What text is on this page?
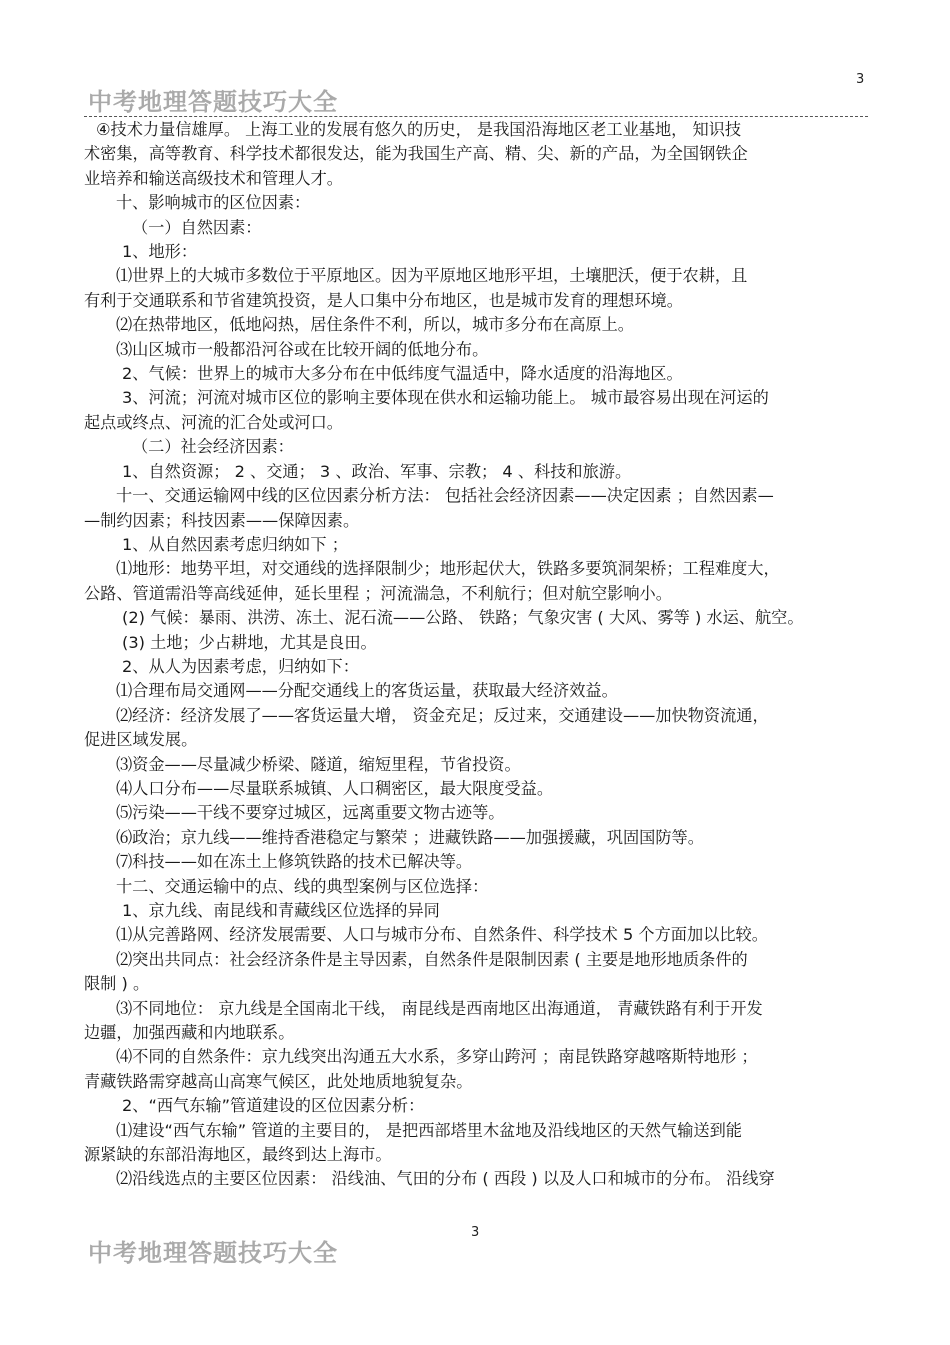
中考地理答题技巧大全
3

④技术力量信雄厚。 上海工业的发展有悠久的历史， 是我国沿海地区老工业基地， 知识技

术密集，高等教育、科学技术都很发达，能为我国生产高、精、尖、新的产品，为全国钢铁企

业培养和输送高级技术和管理人才。

十、影响城市的区位因素：

（一）自然因素：

1、地形：

⑴世界上的大城市多数位于平原地区。因为平原地区地形平坦，土壤肥沃，便于农耕，且

有利于交通联系和节省建筑投资，是人口集中分布地区，也是城市发育的理想环境。

⑵在热带地区，低地闷热，居住条件不利，所以，城市多分布在高原上。

⑶山区城市一般都沿河谷或在比较开阔的低地分布。

2、气候：世界上的城市大多分布在中低纬度气温适中，降水适度的沿海地区。

3、河流；河流对城市区位的影响主要体现在供水和运输功能上。 城市最容易出现在河运的

起点或终点、河流的汇合处或河口。

（二）社会经济因素：

1、自然资源； 2 、交通； 3 、政治、军事、宗教； 4 、科技和旅游。

十一、交通运输网中线的区位因素分析方法： 包括社会经济因素——决定因素 ；自然因素—

—制约因素；科技因素——保障因素。

1、从自然因素考虑归纳如下 ；

⑴地形：地势平坦，对交通线的选择限制少；地形起伏大，铁路多要筑洞架桥；工程难度大，

公路、管道需沿等高线延伸，延长里程 ；河流湍急，不利航行；但对航空影响小。

(2) 气候：暴雨、洪涝、冻土、泥石流——公路、 铁路；气象灾害 ( 大风、雾等 ) 水运、航空。

(3) 土地；少占耕地，尤其是良田。

2、从人为因素考虑，归纳如下：

⑴合理布局交通网——分配交通线上的客货运量，获取最大经济效益。

⑵经济：经济发展了——客货运量大增， 资金充足；反过来，交通建设——加快物资流通，

促进区域发展。

⑶资金——尽量减少桥梁、隧道，缩短里程，节省投资。

⑷人口分布——尽量联系城镇、人口稠密区，最大限度受益。

⑸污染——干线不要穿过城区，远离重要文物古迹等。

⑹政治；京九线——维持香港稳定与繁荣 ；进藏铁路——加强援藏，巩固国防等。

⑺科技——如在冻土上修筑铁路的技术已解决等。

十二、交通运输中的点、线的典型案例与区位选择：

1、京九线、南昆线和青藏线区位选择的异同

⑴从完善路网、经济发展需要、人口与城市分布、自然条件、科学技术 5 个方面加以比较。

⑵突出共同点：社会经济条件是主导因素，自然条件是限制因素 ( 主要是地形地质条件的

限制 ) 。

⑶不同地位： 京九线是全国南北干线， 南昆线是西南地区出海通道， 青藏铁路有利于开发

边疆，加强西藏和内地联系。

⑷不同的自然条件：京九线突出沟通五大水系，多穿山跨河 ；南昆铁路穿越喀斯特地形 ；

青藏铁路需穿越高山高寒气候区，此处地质地貌复杂。

2、“西气东输”管道建设的区位因素分析：

⑴建设“西气东输” 管道的主要目的， 是把西部塔里木盆地及沿线地区的天然气输送到能

源紧缺的东部沿海地区，最终到达上海市。

⑵沿线选点的主要区位因素： 沿线油、气田的分布 ( 西段 ) 以及人口和城市的分布。 沿线穿

3
中考地理答题技巧大全
